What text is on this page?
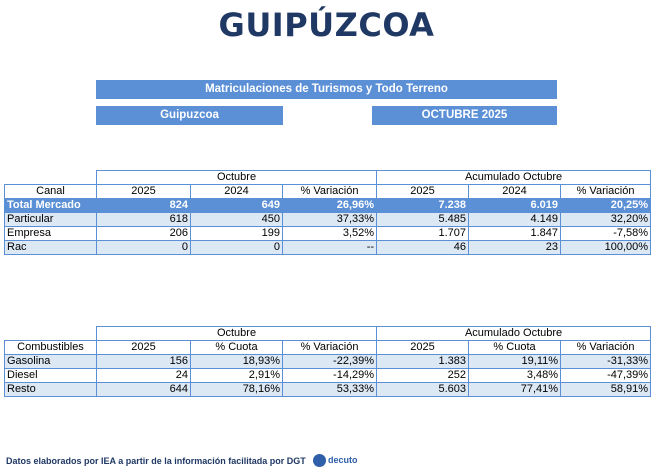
GUIPÚZCOA
Matriculaciones de Turismos y Todo Terreno
Guipuzcoa	OCTUBRE 2025
	Octubre			Acumulado Octubre		
Canal	2025	2024	% Variación	2025	2024	% Variación
Total Mercado	824	649	26,96%	7.238	6.019	20,25%
Particular	618	450	37,33%	5.485	4.149	32,20%
Empresa	206	199	3,52%	1.707	1.847	-7,58%
Rac	0	0	--	46	23	100,00%
	Octubre			Acumulado Octubre		
Combustibles	2025	% Cuota	% Variación	2025	% Cuota	% Variación
Gasolina	156	18,93%	-22,39%	1.383	19,11%	-31,33%
Diesel	24	2,91%	-14,29%	252	3,48%	-47,39%
Resto	644	78,16%	53,33%	5.603	77,41%	58,91%
Datos elaborados por IEA a partir de la información facilitada por DGT decuto
